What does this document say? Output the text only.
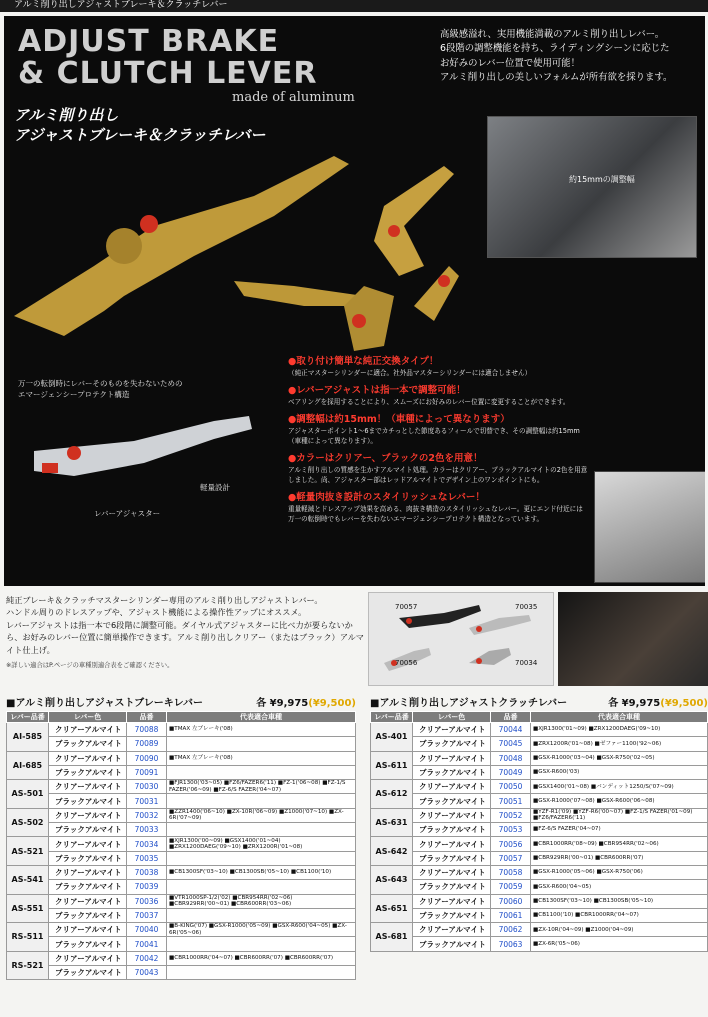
アルミ削り出しアジャストブレーキ＆クラッチレバー
ADJUST BRAKE
& CLUTCH LEVER
made of aluminum
アルミ削り出し
アジャストブレーキ＆クラッチレバー
高級感溢れ、実用機能満載のアルミ削り出しレバー。
6段階の調整機能を持ち、ライディングシーンに応じた
お好みのレバー位置で使用可能！
アルミ削り出しの美しいフォルムが所有欲を採ります。
約15mmの調整幅
万一の転倒時にレバーそのものを失わないための
エマージェンシープロテクト構造
軽量設計
レバーアジャスター
●取り付け簡単な純正交換タイプ！
（純正マスターシリンダーに適合。社外品マスターシリンダーには適合しません）
●レバーアジャストは指一本で調整可能！
ベアリングを採用することにより、スムーズにお好みのレバー位置に変更することができます。
●調整幅は約15mm！（車種によって異なります）
アジャスターポイント1～6までカチっとした節度あるフィールで切替でき、その調整幅は約15mm（車種によって異なります）。
●カラーはクリアー、ブラックの2色を用意！
アルミ削り出しの質感を生かすアルマイト処理。カラーはクリアー、ブラックアルマイトの2色を用意しました。尚、アジャスター部はレッドアルマイトでデザイン上のワンポイントにも。
●軽量肉抜き設計のスタイリッシュなレバー！
重量軽減とドレスアップ効果を高める、肉抜き構造のスタイリッシュなレバー。更にエンド付近には万一の転倒時でもレバーを失わないエマージェンシープロテクト構造となっています。
純正ブレーキ＆クラッチマスターシリンダー専用のアルミ削り出しアジャストレバー。
ハンドル周りのドレスアップや、アジャスト機能による操作性アップにオススメ。
レバーアジャストは指一本で6段階に調整可能。ダイヤル式アジャスターに比べ力が要らないから、お好みのレバー位置に簡単操作できます。アルミ削り出しクリアー（またはブラック）アルマイト仕上げ。
※詳しい適合はP.ページの車種別適合表をご確認ください。
70057	70035
70056	70034
■アルミ削り出しアジャストブレーキレバー	各 ¥9,975(¥9,500)
レバー品番	レバー色	品番	代表適合車種
AI-585	クリアーアルマイト	70088	■TMAX 左ブレーキ('08)
	ブラックアルマイト	70089	
AI-685	クリアーアルマイト	70090	■TMAX 左ブレーキ('08)
	ブラックアルマイト	70091	
AS-501	クリアーアルマイト	70030	■FJR1300('03~05) ■FZ6/FAZER6('11) ■FZ-1('06~08) ■FZ-1/S FAZER('06~09) ■FZ-6/S FAZER('04~07)
	ブラックアルマイト	70031	
AS-502	クリアーアルマイト	70032	■ZZR1400('06~10) ■ZX-10R('06~09) ■Z1000('07~10) ■ZX-6R('07~09)
	ブラックアルマイト	70033	
AS-521	クリアーアルマイト	70034	■XJR1300('00~09) ■GSX1400('01~04) ■ZRX1200DAEG('09~10) ■ZRX1200R('01~08)
	ブラックアルマイト	70035	
AS-541	クリアーアルマイト	70038	■CB1300SF('03~10) ■CB1300SB('05~10) ■CB1100('10)
	ブラックアルマイト	70039	
AS-551	クリアーアルマイト	70036	■VTR1000SP-1/2('02) ■CBR954RR('02~06) ■CBR929RR('00~01) ■CBR600RR('03~06)
	ブラックアルマイト	70037	
RS-511	クリアーアルマイト	70040	■B-KING('07) ■GSX-R1000('05~09) ■GSX-R600('04~05) ■ZX-6R('05~06)
	ブラックアルマイト	70041	
RS-521	クリアーアルマイト	70042	■CBR1000RR('04~07) ■CBR600RR('07) ■CBR600RR('07)
	ブラックアルマイト	70043	
■アルミ削り出しアジャストクラッチレバー	各 ¥9,975(¥9,500)
レバー品番	レバー色	品番	代表適合車種
AS-401	クリアーアルマイト	70044	■XJR1300('01~09) ■ZRX1200DAEG('09~10)
	ブラックアルマイト	70045	■ZRX1200R('01~08) ■ゼファー1100('92~06)
AS-611	クリアーアルマイト	70048	■GSX-R1000('03~04) ■GSX-R750('02~05)
	ブラックアルマイト	70049	■GSX-R600('03)
AS-612	クリアーアルマイト	70050	■GSX1400('01~08) ■バンディット1250/S('07~09)
	ブラックアルマイト	70051	■GSX-R1000('07~08) ■GSX-R600('06~08)
AS-631	クリアーアルマイト	70052	■YZF-R1('09) ■YZF-R6('00~07) ■FZ-1/S FAZER('01~09) ■FZ6/FAZER6('11)
	ブラックアルマイト	70053	■FZ-6/S FAZER('04~07)
AS-642	クリアーアルマイト	70056	■CBR1000RR('08~09) ■CBR954RR('02~06)
	ブラックアルマイト	70057	■CBR929RR('00~01) ■CBR600RR('07)
AS-643	クリアーアルマイト	70058	■GSX-R1000('05~06) ■GSX-R750('06)
	ブラックアルマイト	70059	■GSX-R600('04~05)
AS-651	クリアーアルマイト	70060	■CB1300SF('03~10) ■CB1300SB('05~10)
	ブラックアルマイト	70061	■CB1100('10) ■CBR1000RR('04~07)
AS-681	クリアーアルマイト	70062	■ZX-10R('04~09) ■Z1000('04~09)
	ブラックアルマイト	70063	■ZX-6R('05~06)
